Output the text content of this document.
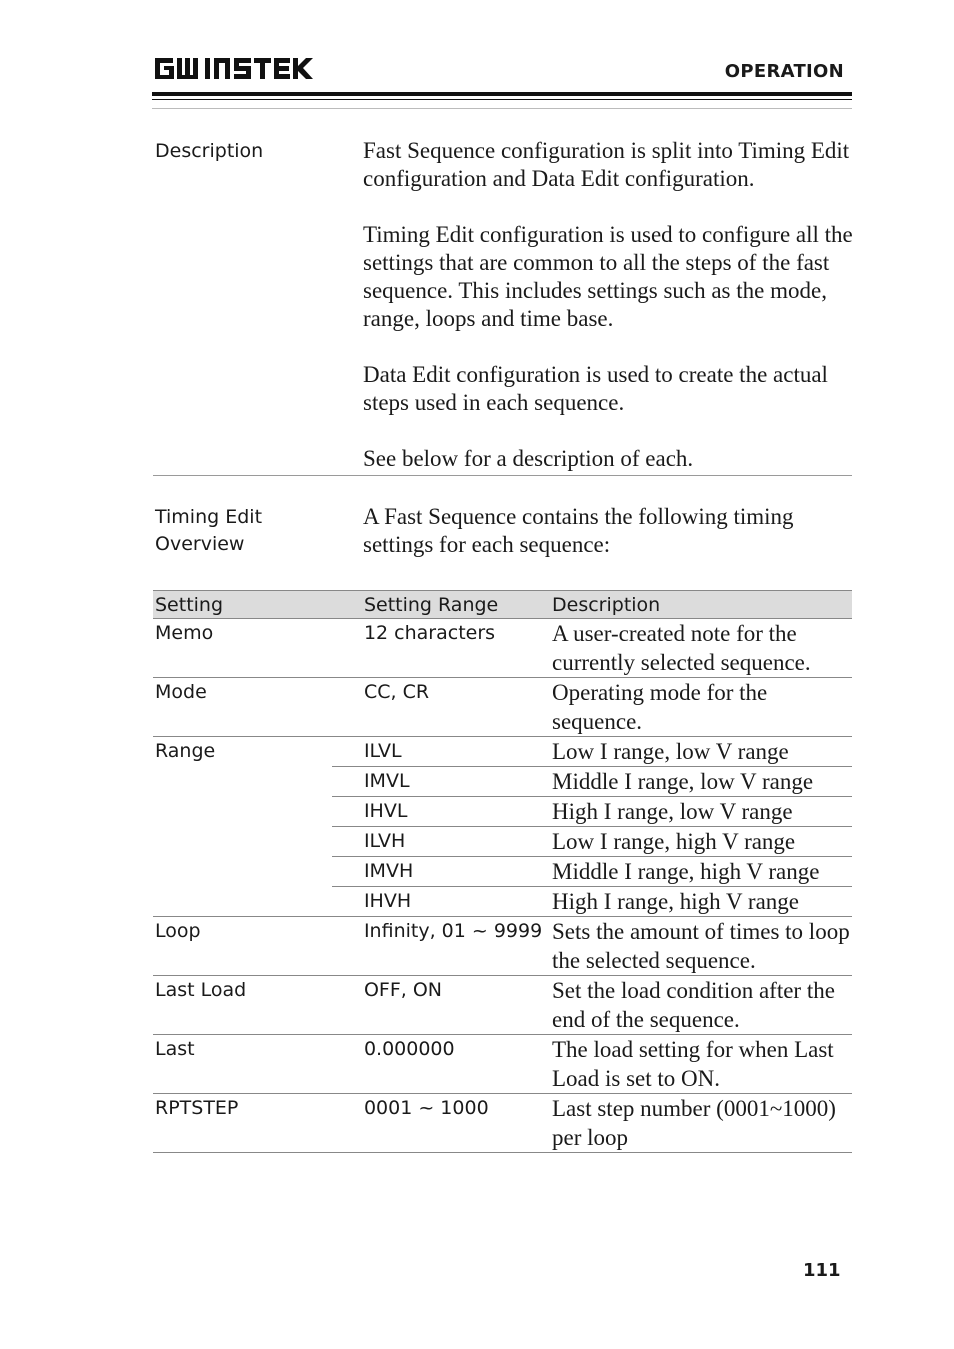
OPERATION
Description	Fast Sequence configuration is split into Timing Edit configuration and Data Edit configuration.
Timing Edit configuration is used to configure all the settings that are common to all the steps of the fast sequence. This includes settings such as the mode, range, loops and time base.
Data Edit configuration is used to create the actual steps used in each sequence.
See below for a description of each.
Timing Edit Overview
A Fast Sequence contains the following timing settings for each sequence:
Setting	Setting Range	Description
Memo	12 characters	A user-created note for the currently selected sequence.
Mode	CC, CR	Operating mode for the sequence.
Range	ILVL	Low I range, low V range
	IMVL	Middle I range, low V range
	IHVL	High I range, low V range
	ILVH	Low I range, high V range
	IMVH	Middle I range, high V range
	IHVH	High I range, high V range
Loop	Infinity, 01 ~ 9999	Sets the amount of times to loop the selected sequence.
Last Load	OFF, ON	Set the load condition after the end of the sequence.
Last	0.000000	The load setting for when Last Load is set to ON.
RPTSTEP	0001 ~ 1000	Last step number (0001~1000) per loop
111
